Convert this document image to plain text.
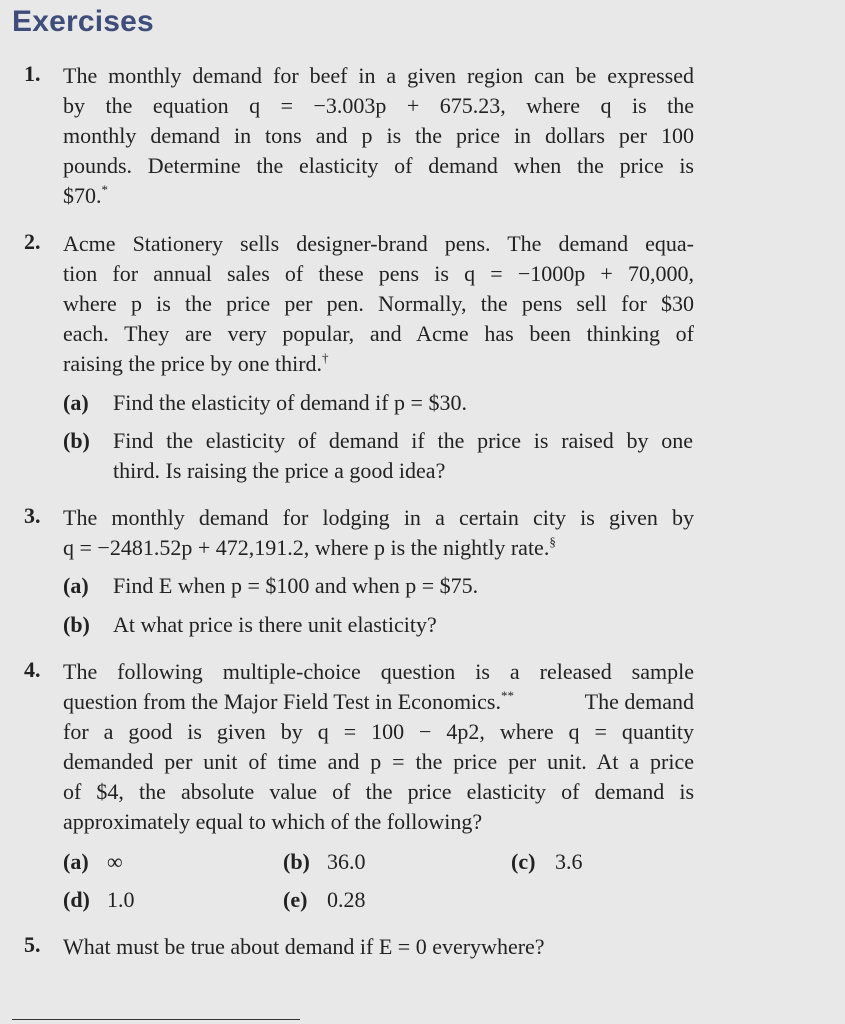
Exercises
1. The monthly demand for beef in a given region can be expressed
by the equation q = −3.003p + 675.23, where q is the
monthly demand in tons and p is the price in dollars per 100
pounds. Determine the elasticity of demand when the price is
$70.*
2. Acme Stationery sells designer-brand pens. The demand equa-
tion for annual sales of these pens is q = −1000p + 70,000,
where p is the price per pen. Normally, the pens sell for $30
each. They are very popular, and Acme has been thinking of
raising the price by one third.†
(a) Find the elasticity of demand if p = $30.
(b) Find the elasticity of demand if the price is raised by one
third. Is raising the price a good idea?
3. The monthly demand for lodging in a certain city is given by
q = −2481.52p + 472,191.2, where p is the nightly rate.§
(a) Find E when p = $100 and when p = $75.
(b) At what price is there unit elasticity?
4. The following multiple-choice question is a released sample
question from the Major Field Test in Economics.**	The demand
for a good is given by q = 100 − 4p2, where q = quantity
demanded per unit of time and p = the price per unit. At a price
of $4, the absolute value of the price elasticity of demand is
approximately equal to which of the following?
(a) ∞	(b) 36.0	(c) 3.6
(d) 1.0	(e) 0.28
5. What must be true about demand if E = 0 everywhere?
